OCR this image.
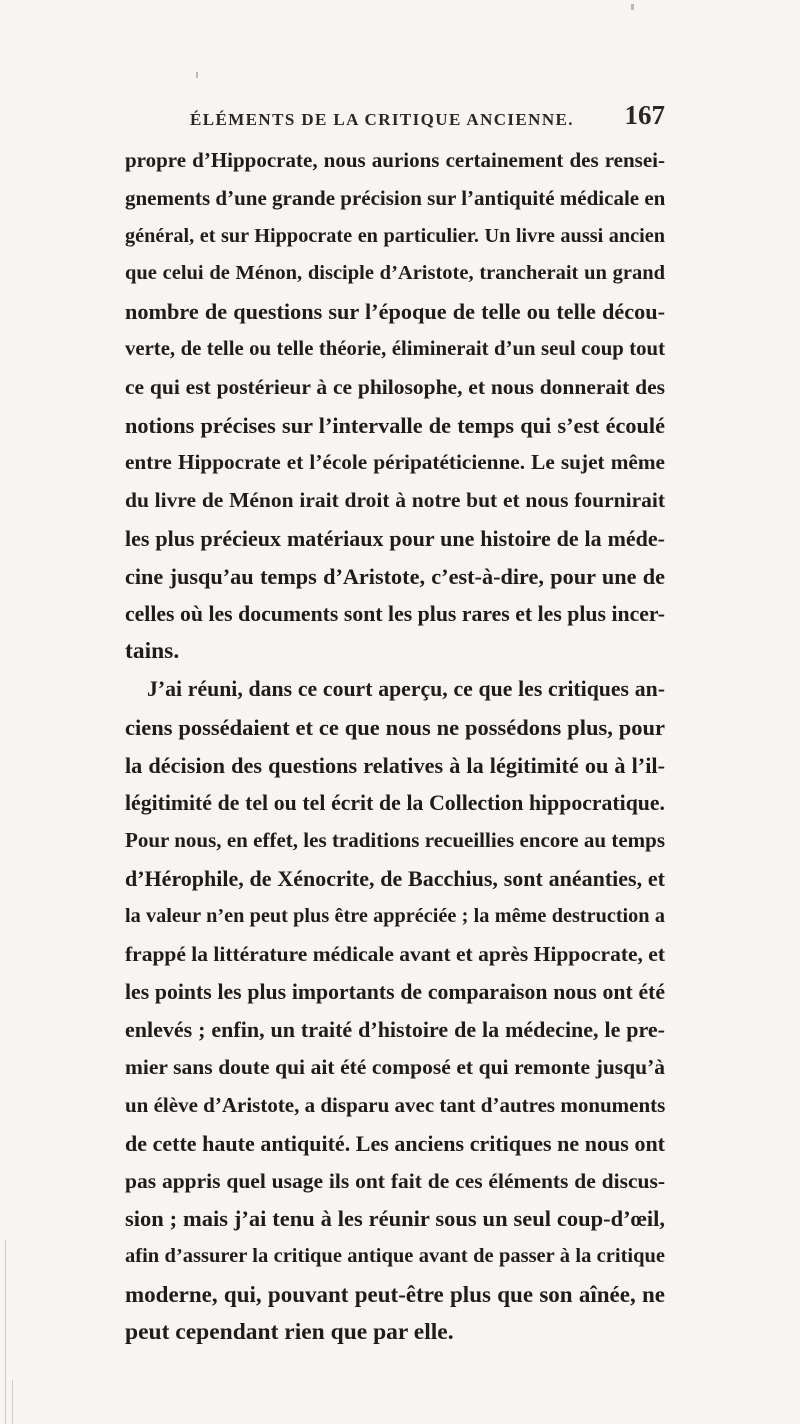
ÉLÉMENTS DE LA CRITIQUE ANCIENNE. 167
propre d’Hippocrate, nous aurions certainement des rensei-
gnements d’une grande précision sur l’antiquité médicale en
général, et sur Hippocrate en particulier. Un livre aussi ancien
que celui de Ménon, disciple d’Aristote, trancherait un grand
nombre de questions sur l’époque de telle ou telle décou-
verte, de telle ou telle théorie, éliminerait d’un seul coup tout
ce qui est postérieur à ce philosophe, et nous donnerait des
notions précises sur l’intervalle de temps qui s’est écoulé
entre Hippocrate et l’école péripatéticienne. Le sujet même
du livre de Ménon irait droit à notre but et nous fournirait
les plus précieux matériaux pour une histoire de la méde-
cine jusqu’au temps d’Aristote, c’est-à-dire, pour une de
celles où les documents sont les plus rares et les plus incer-
tains.
J’ai réuni, dans ce court aperçu, ce que les critiques an-
ciens possédaient et ce que nous ne possédons plus, pour
la décision des questions relatives à la légitimité ou à l’il-
légitimité de tel ou tel écrit de la Collection hippocratique.
Pour nous, en effet, les traditions recueillies encore au temps
d’Hérophile, de Xénocrite, de Bacchius, sont anéanties, et
la valeur n’en peut plus être appréciée ; la même destruction a
frappé la littérature médicale avant et après Hippocrate, et
les points les plus importants de comparaison nous ont été
enlevés ; enfin, un traité d’histoire de la médecine, le pre-
mier sans doute qui ait été composé et qui remonte jusqu’à
un élève d’Aristote, a disparu avec tant d’autres monuments
de cette haute antiquité. Les anciens critiques ne nous ont
pas appris quel usage ils ont fait de ces éléments de discus-
sion ; mais j’ai tenu à les réunir sous un seul coup-d’œil,
afin d’assurer la critique antique avant de passer à la critique
moderne, qui, pouvant peut-être plus que son aînée, ne
peut cependant rien que par elle.
